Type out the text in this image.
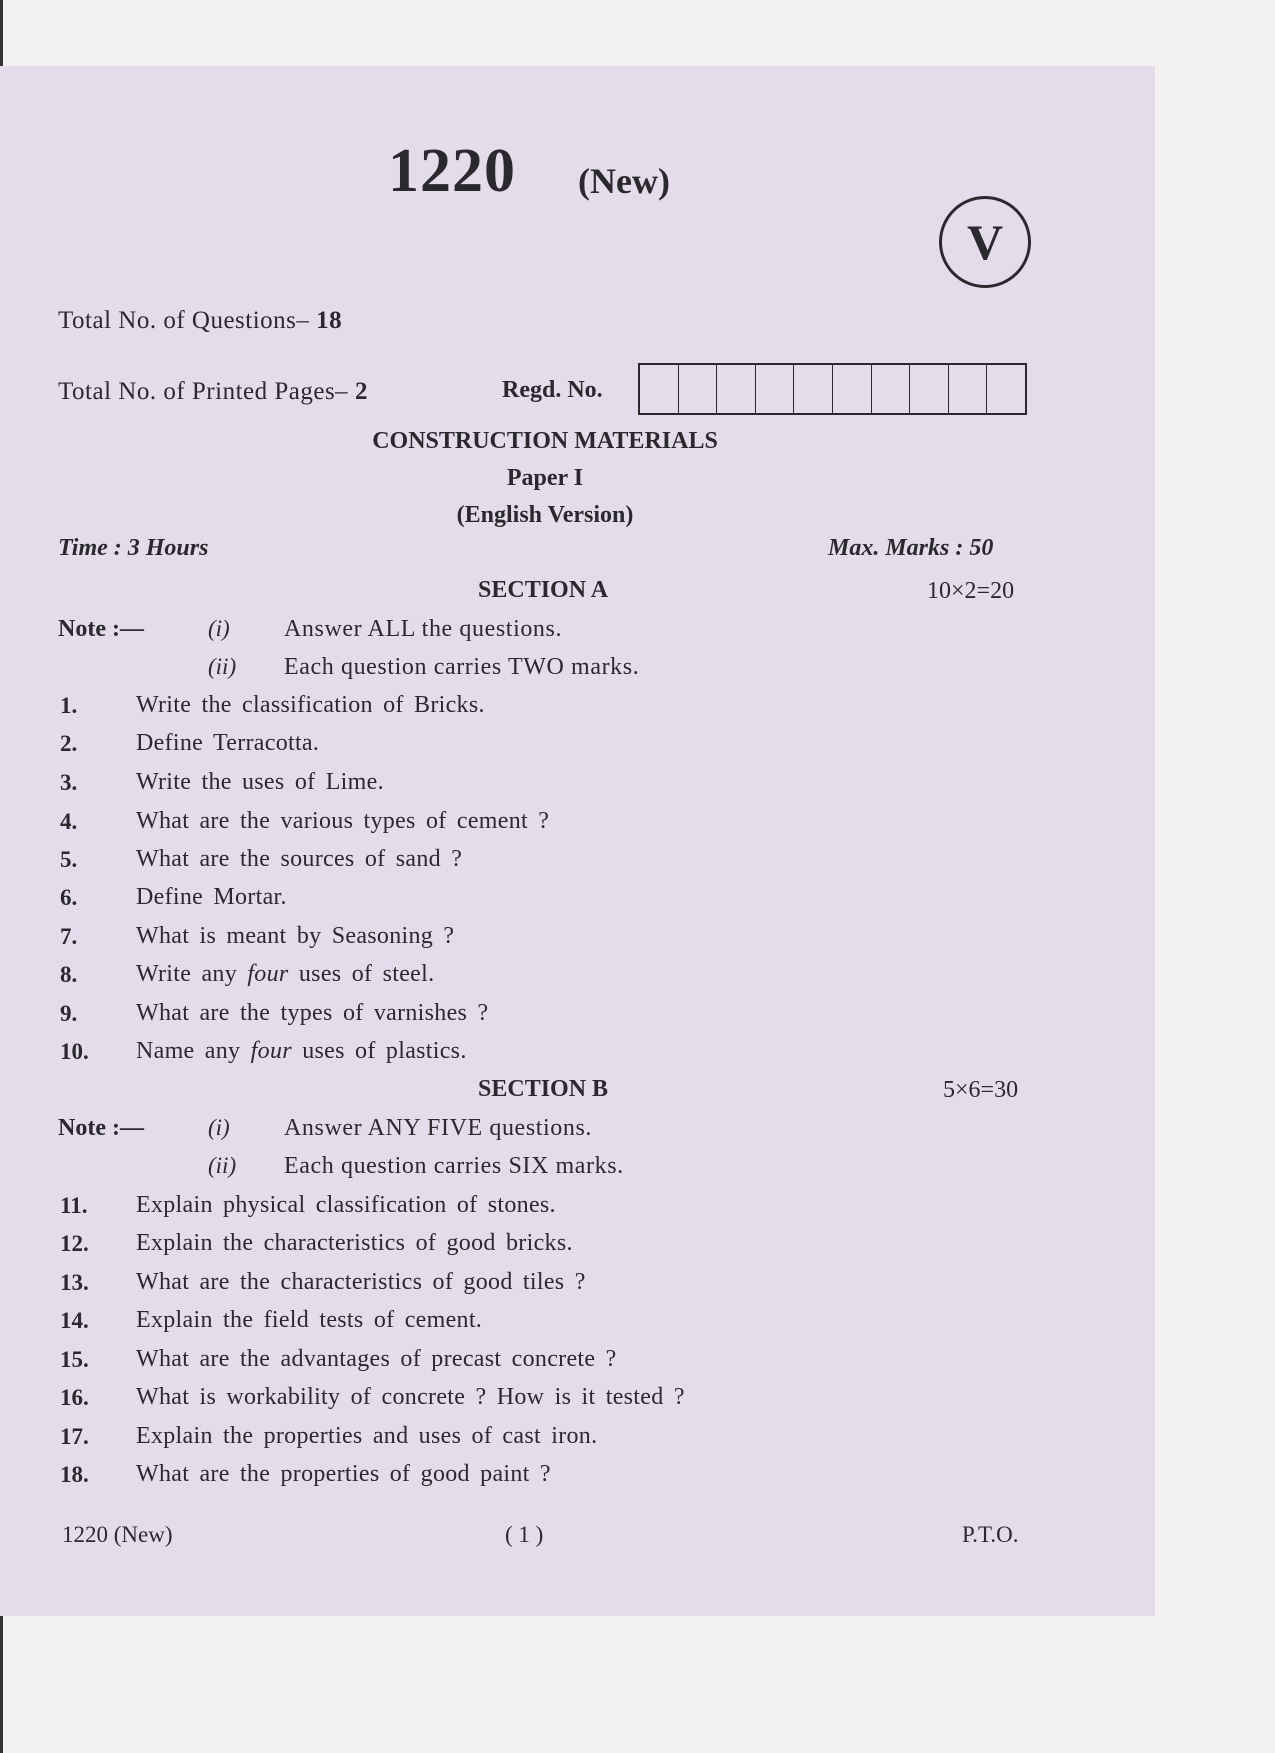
1220 (New)
V
Total No. of Questions– 18
Total No. of Printed Pages– 2	Regd. No.
CONSTRUCTION MATERIALS
Paper I
(English Version)
Time : 3 Hours	Max. Marks : 50
SECTION A	10×2=20
Note :—	(i) Answer ALL the questions.
(ii) Each question carries TWO marks.
1. Write the classification of Bricks.
2. Define Terracotta.
3. Write the uses of Lime.
4. What are the various types of cement ?
5. What are the sources of sand ?
6. Define Mortar.
7. What is meant by Seasoning ?
8. Write any four uses of steel.
9. What are the types of varnishes ?
10. Name any four uses of plastics.
SECTION B	5×6=30
Note :—	(i) Answer ANY FIVE questions.
(ii) Each question carries SIX marks.
11. Explain physical classification of stones.
12. Explain the characteristics of good bricks.
13. What are the characteristics of good tiles ?
14. Explain the field tests of cement.
15. What are the advantages of precast concrete ?
16. What is workability of concrete ? How is it tested ?
17. Explain the properties and uses of cast iron.
18. What are the properties of good paint ?
1220 (New)	( 1 )	P.T.O.
